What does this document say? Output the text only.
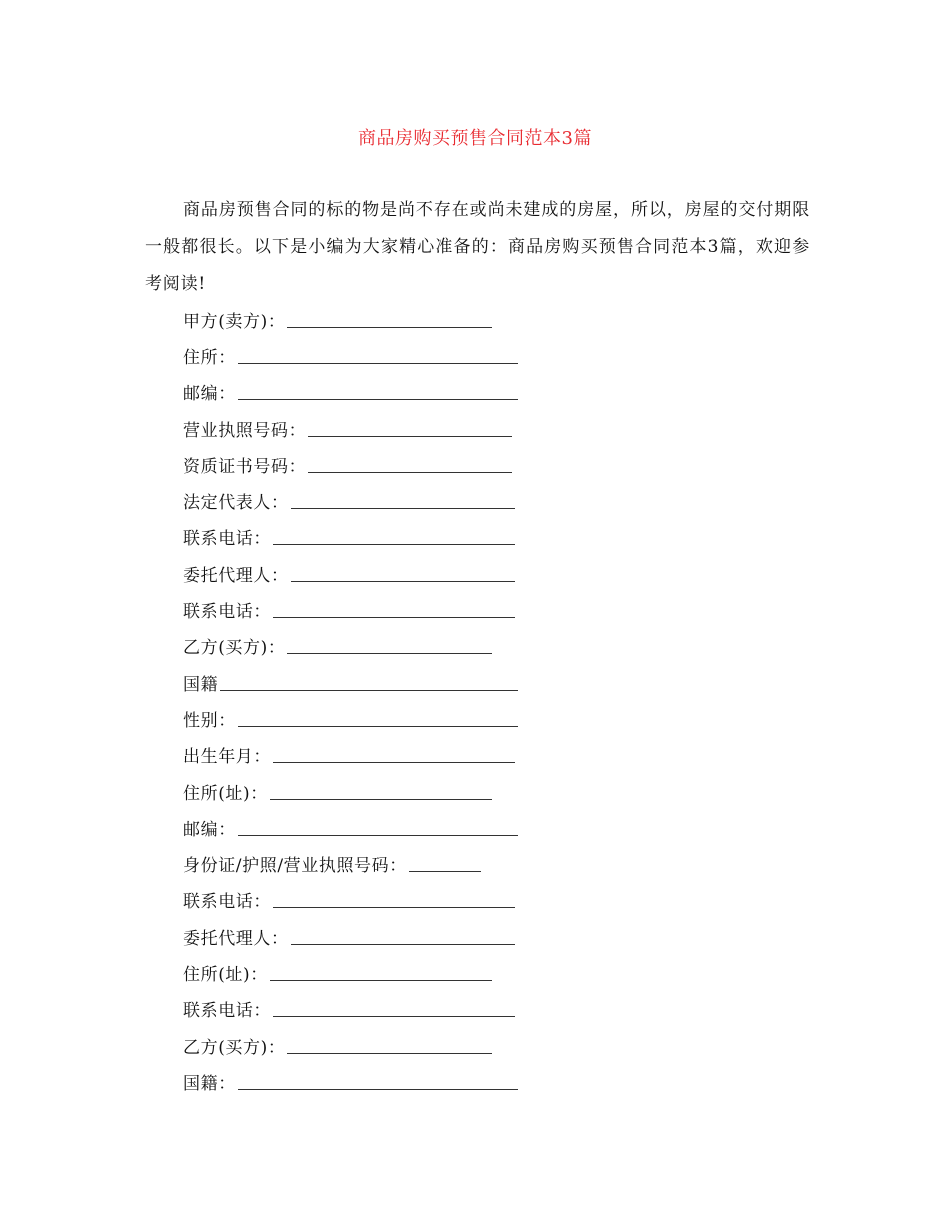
商品房购买预售合同范本3篇

商品房预售合同的标的物是尚不存在或尚未建成的房屋，所以，房屋的交付期限一般都很长。以下是小编为大家精心准备的：商品房购买预售合同范本3篇，欢迎参考阅读!

甲方(卖方)：
住所：
邮编：
营业执照号码：
资质证书号码：
法定代表人：
联系电话：
委托代理人：
联系电话：
乙方(买方)：
国籍
性别：
出生年月：
住所(址)：
邮编：
身份证/护照/营业执照号码：
联系电话：
委托代理人：
住所(址)：
联系电话：
乙方(买方)：
国籍：
